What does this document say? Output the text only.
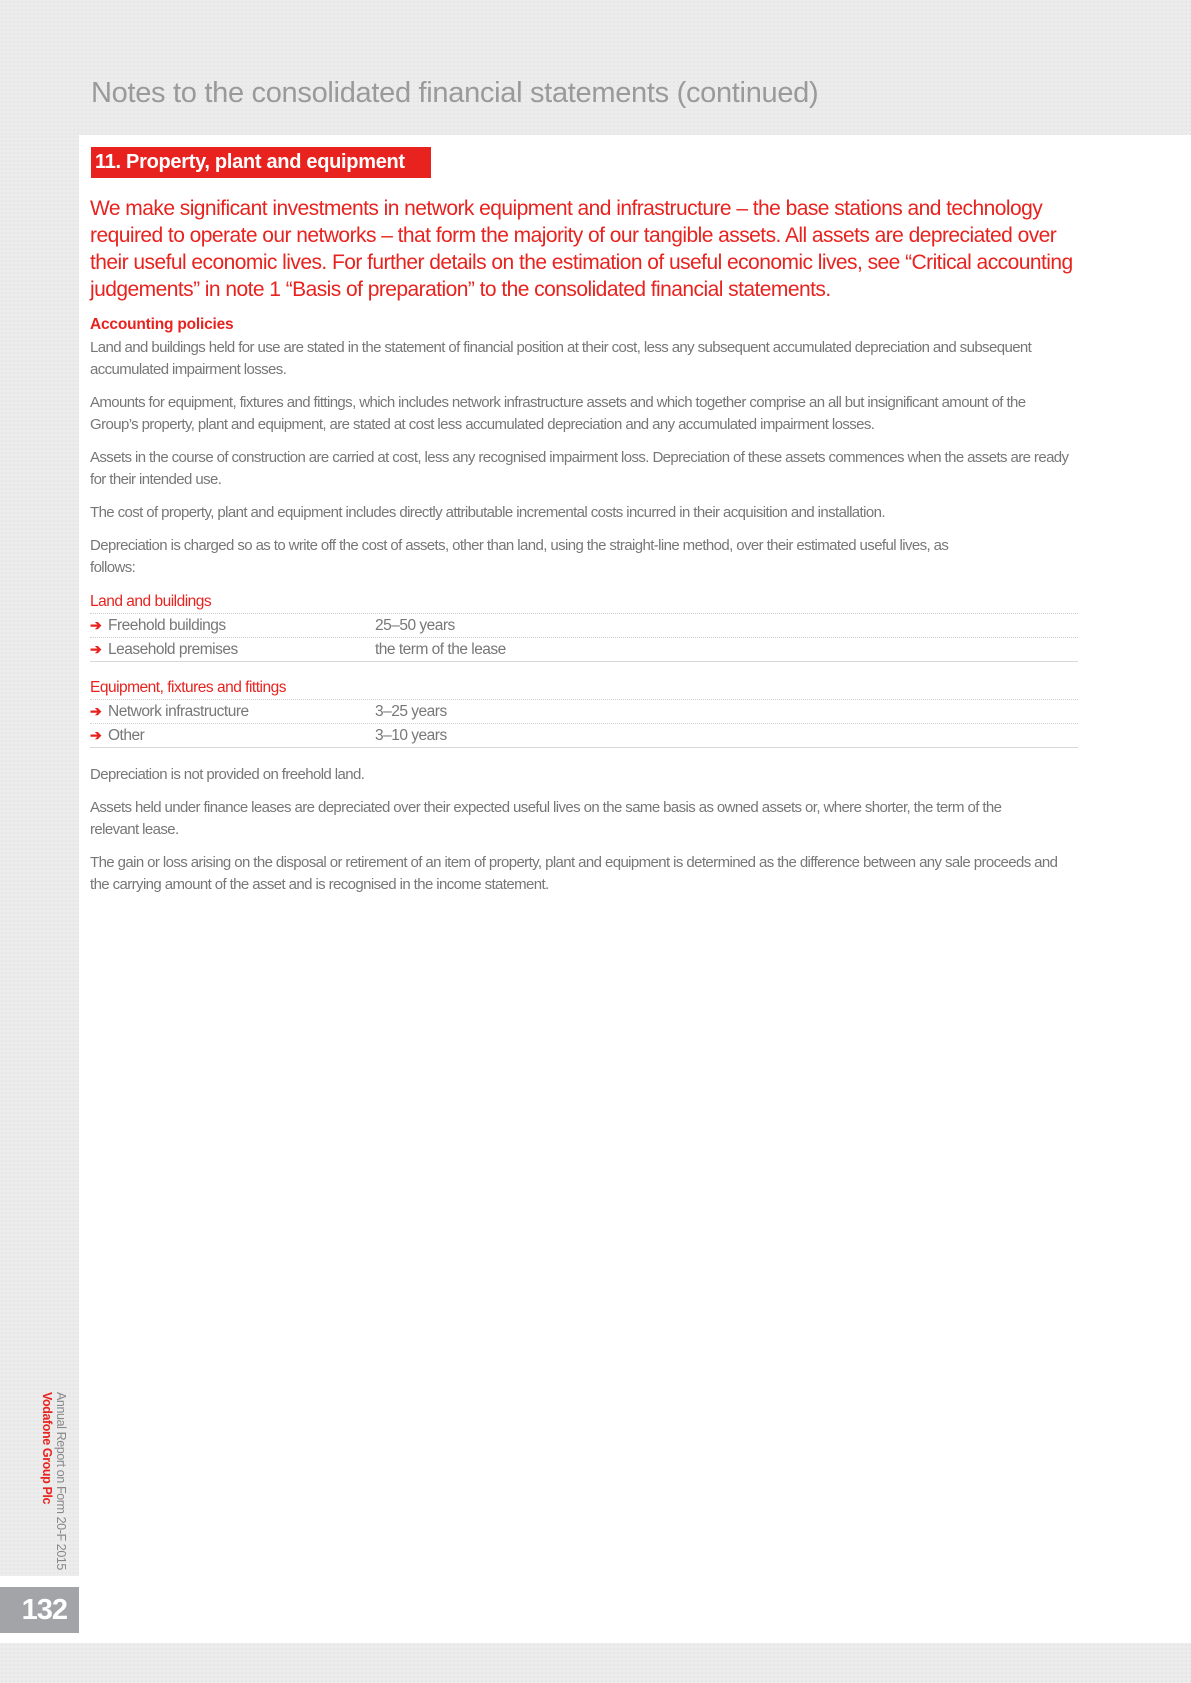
Notes to the consolidated financial statements (continued)
11. Property, plant and equipment

We make significant investments in network equipment and infrastructure – the base stations and technology required to operate our networks – that form the majority of our tangible assets. All assets are depreciated over their useful economic lives. For further details on the estimation of useful economic lives, see “Critical accounting judgements” in note 1 “Basis of preparation” to the consolidated financial statements.

Accounting policies

Land and buildings held for use are stated in the statement of financial position at their cost, less any subsequent accumulated depreciation and subsequent accumulated impairment losses.

Amounts for equipment, fixtures and fittings, which includes network infrastructure assets and which together comprise an all but insignificant amount of the Group’s property, plant and equipment, are stated at cost less accumulated depreciation and any accumulated impairment losses.

Assets in the course of construction are carried at cost, less any recognised impairment loss. Depreciation of these assets commences when the assets are ready for their intended use.

The cost of property, plant and equipment includes directly attributable incremental costs incurred in their acquisition and installation.

Depreciation is charged so as to write off the cost of assets, other than land, using the straight-line method, over their estimated useful lives, as follows:

Land and buildings
➔ Freehold buildings	25–50 years
➔ Leasehold premises	the term of the lease
Equipment, fixtures and fittings
➔ Network infrastructure	3–25 years
➔ Other	3–10 years

Depreciation is not provided on freehold land.

Assets held under finance leases are depreciated over their expected useful lives on the same basis as owned assets or, where shorter, the term of the relevant lease.

The gain or loss arising on the disposal or retirement of an item of property, plant and equipment is determined as the difference between any sale proceeds and the carrying amount of the asset and is recognised in the income statement.

Annual Report on Form 20-F 2015
Vodafone Group Plc
132
